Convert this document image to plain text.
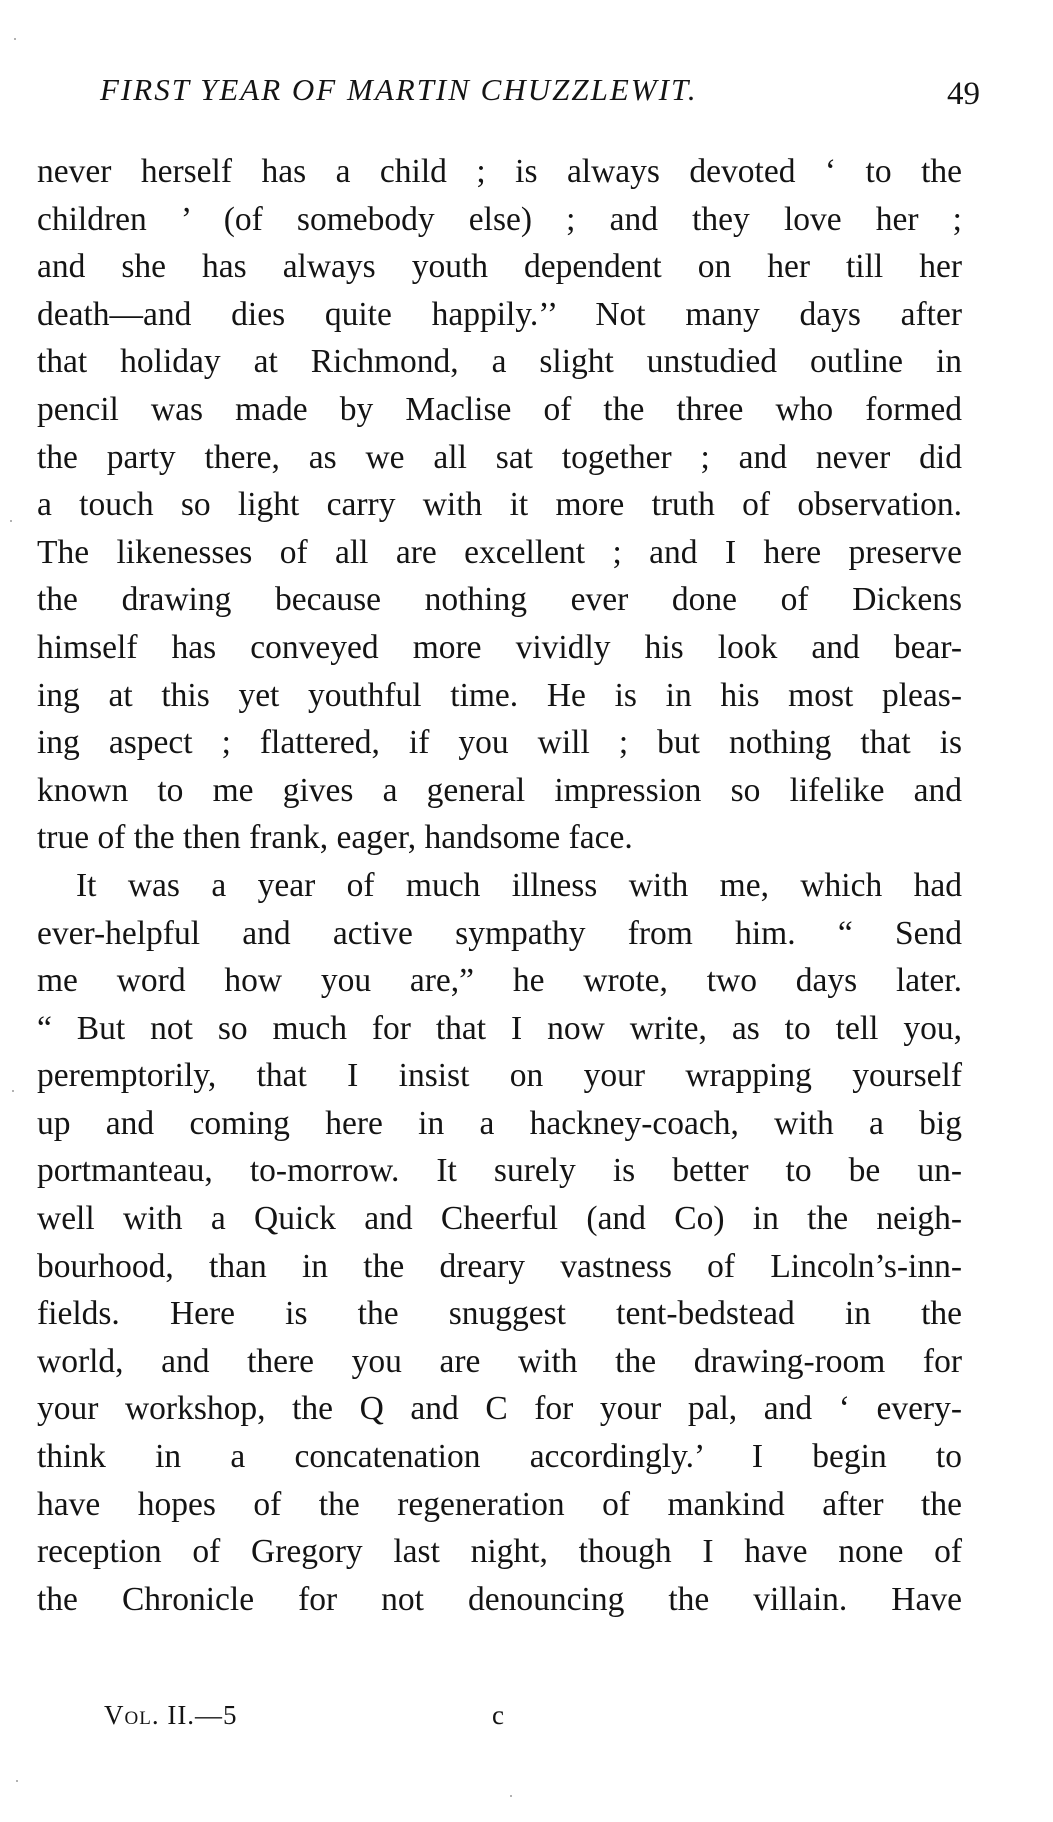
FIRST YEAR OF MARTIN CHUZZLEWIT.	49
never herself has a child ; is always devoted ‘ to the
children ’ (of somebody else) ; and they love her ;
and she has always youth dependent on her till her
death—and dies quite happily.’’ Not many days after
that holiday at Richmond, a slight unstudied outline in
pencil was made by Maclise of the three who formed
the party there, as we all sat together ; and never did
a touch so light carry with it more truth of observation.
The likenesses of all are excellent ; and I here preserve
the drawing because nothing ever done of Dickens
himself has conveyed more vividly his look and bear-
ing at this yet youthful time. He is in his most pleas-
ing aspect ; flattered, if you will ; but nothing that is
known to me gives a general impression so lifelike and
true of the then frank, eager, handsome face.
It was a year of much illness with me, which had
ever-helpful and active sympathy from him. “ Send
me word how you are,” he wrote, two days later.
“ But not so much for that I now write, as to tell you,
peremptorily, that I insist on your wrapping yourself
up and coming here in a hackney-coach, with a big
portmanteau, to-morrow. It surely is better to be un-
well with a Quick and Cheerful (and Co) in the neigh-
bourhood, than in the dreary vastness of Lincoln’s-inn-
fields. Here is the snuggest tent-bedstead in the
world, and there you are with the drawing-room for
your workshop, the Q and C for your pal, and ‘ every-
think in a concatenation accordingly.’ I begin to
have hopes of the regeneration of mankind after the
reception of Gregory last night, though I have none of
the Chronicle for not denouncing the villain. Have
Vol. II.—5	c
